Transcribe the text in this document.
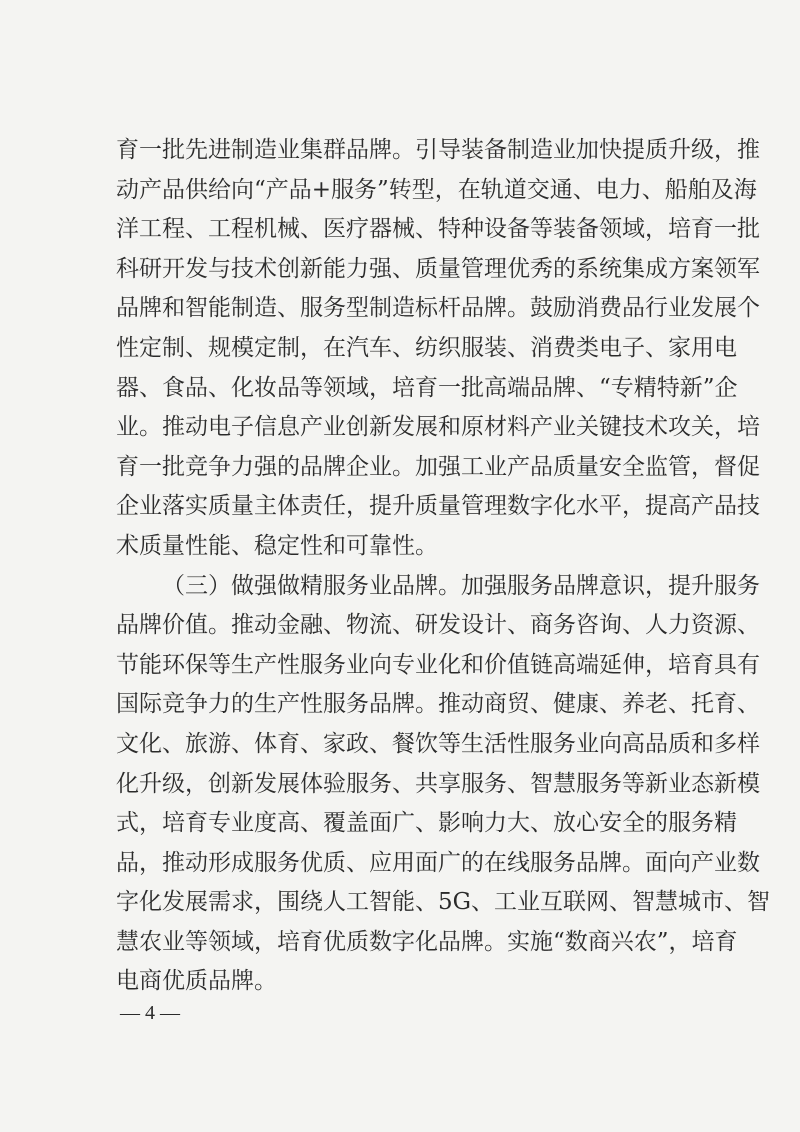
育一批先进制造业集群品牌。引导装备制造业加快提质升级，推
动产品供给向“产品+服务”转型，在轨道交通、电力、船舶及海
洋工程、工程机械、医疗器械、特种设备等装备领域，培育一批
科研开发与技术创新能力强、质量管理优秀的系统集成方案领军
品牌和智能制造、服务型制造标杆品牌。鼓励消费品行业发展个
性定制、规模定制，在汽车、纺织服装、消费类电子、家用电
器、食品、化妆品等领域，培育一批高端品牌、“专精特新”企
业。推动电子信息产业创新发展和原材料产业关键技术攻关，培
育一批竞争力强的品牌企业。加强工业产品质量安全监管，督促
企业落实质量主体责任，提升质量管理数字化水平，提高产品技
术质量性能、稳定性和可靠性。
（三）做强做精服务业品牌。加强服务品牌意识，提升服务
品牌价值。推动金融、物流、研发设计、商务咨询、人力资源、
节能环保等生产性服务业向专业化和价值链高端延伸，培育具有
国际竞争力的生产性服务品牌。推动商贸、健康、养老、托育、
文化、旅游、体育、家政、餐饮等生活性服务业向高品质和多样
化升级，创新发展体验服务、共享服务、智慧服务等新业态新模
式，培育专业度高、覆盖面广、影响力大、放心安全的服务精
品，推动形成服务优质、应用面广的在线服务品牌。面向产业数
字化发展需求，围绕人工智能、5G、工业互联网、智慧城市、智
慧农业等领域，培育优质数字化品牌。实施“数商兴农”，培育
电商优质品牌。
— 4 —
